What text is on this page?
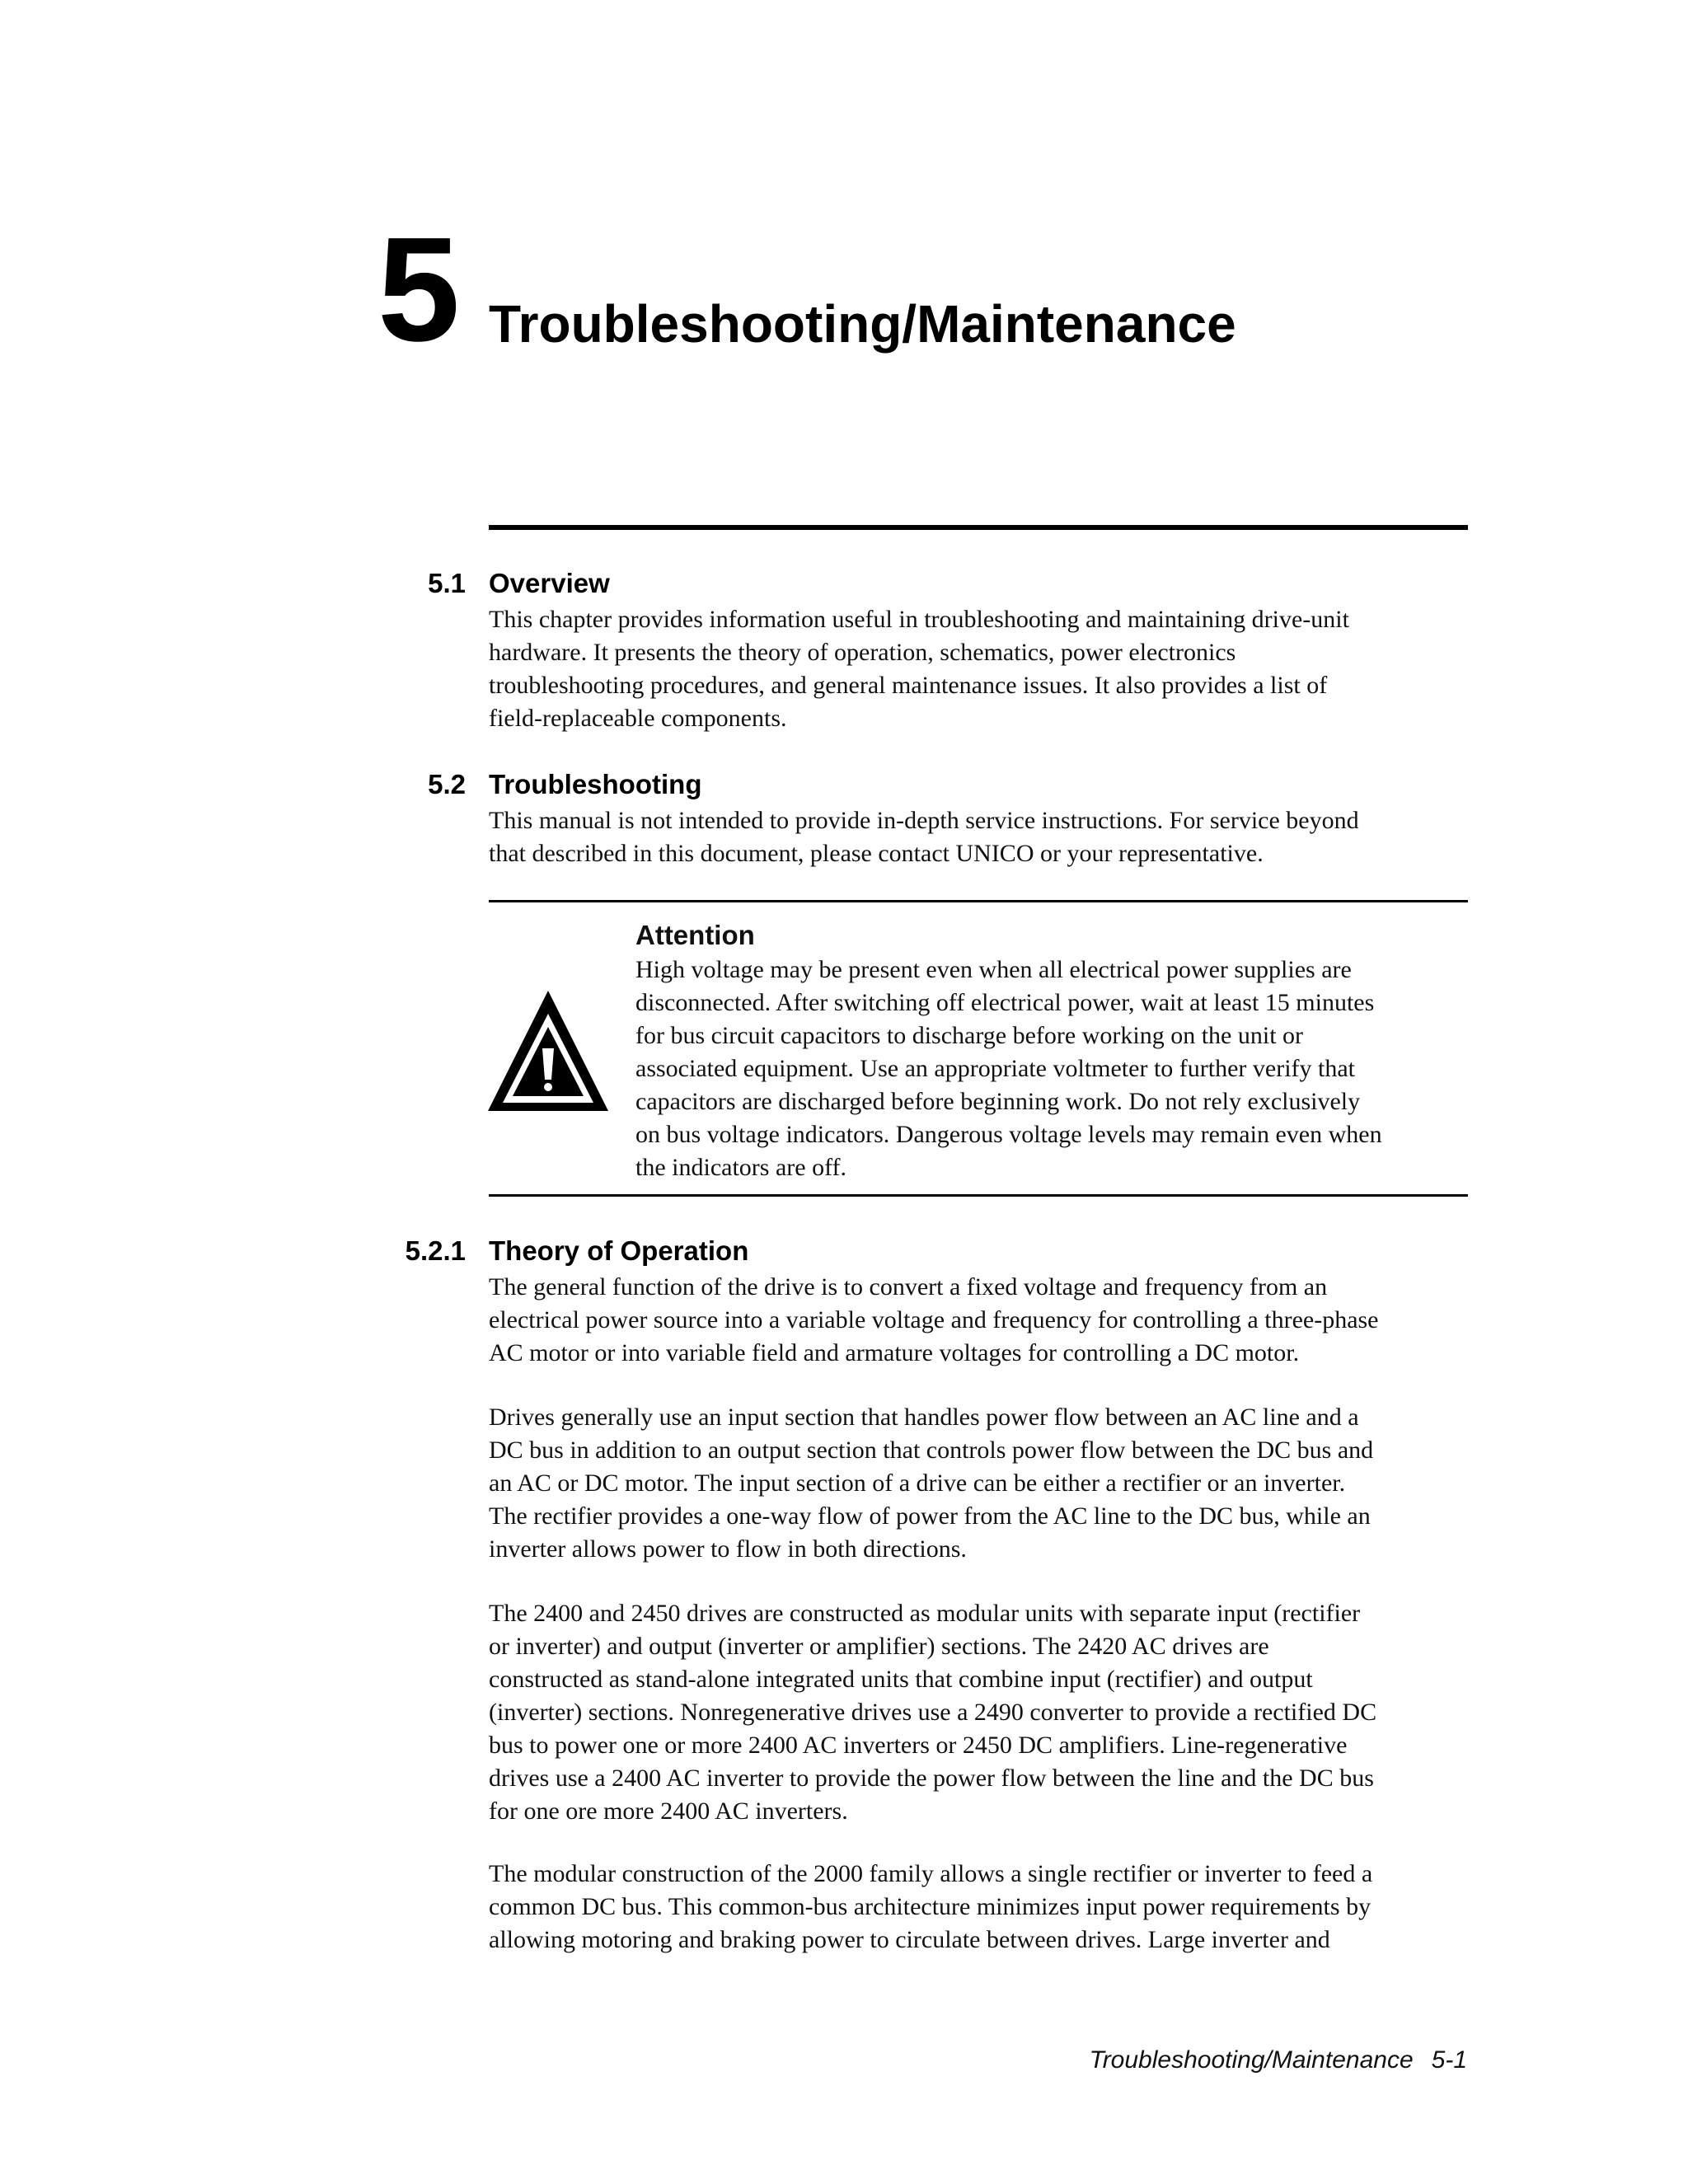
5 Troubleshooting/Maintenance
5.1 Overview
This chapter provides information useful in troubleshooting and maintaining drive-unit
hardware. It presents the theory of operation, schematics, power electronics
troubleshooting procedures, and general maintenance issues. It also provides a list of
field-replaceable components.
5.2 Troubleshooting
This manual is not intended to provide in-depth service instructions. For service beyond
that described in this document, please contact UNICO or your representative.
Attention
High voltage may be present even when all electrical power supplies are
disconnected. After switching off electrical power, wait at least 15 minutes
for bus circuit capacitors to discharge before working on the unit or
associated equipment. Use an appropriate voltmeter to further verify that
capacitors are discharged before beginning work. Do not rely exclusively
on bus voltage indicators. Dangerous voltage levels may remain even when
the indicators are off.
5.2.1 Theory of Operation
The general function of the drive is to convert a fixed voltage and frequency from an
electrical power source into a variable voltage and frequency for controlling a three-phase
AC motor or into variable field and armature voltages for controlling a DC motor.
Drives generally use an input section that handles power flow between an AC line and a
DC bus in addition to an output section that controls power flow between the DC bus and
an AC or DC motor. The input section of a drive can be either a rectifier or an inverter.
The rectifier provides a one-way flow of power from the AC line to the DC bus, while an
inverter allows power to flow in both directions.
The 2400 and 2450 drives are constructed as modular units with separate input (rectifier
or inverter) and output (inverter or amplifier) sections. The 2420 AC drives are
constructed as stand-alone integrated units that combine input (rectifier) and output
(inverter) sections. Nonregenerative drives use a 2490 converter to provide a rectified DC
bus to power one or more 2400 AC inverters or 2450 DC amplifiers. Line-regenerative
drives use a 2400 AC inverter to provide the power flow between the line and the DC bus
for one ore more 2400 AC inverters.
The modular construction of the 2000 family allows a single rectifier or inverter to feed a
common DC bus. This common-bus architecture minimizes input power requirements by
allowing motoring and braking power to circulate between drives. Large inverter and
Troubleshooting/Maintenance 5-1
